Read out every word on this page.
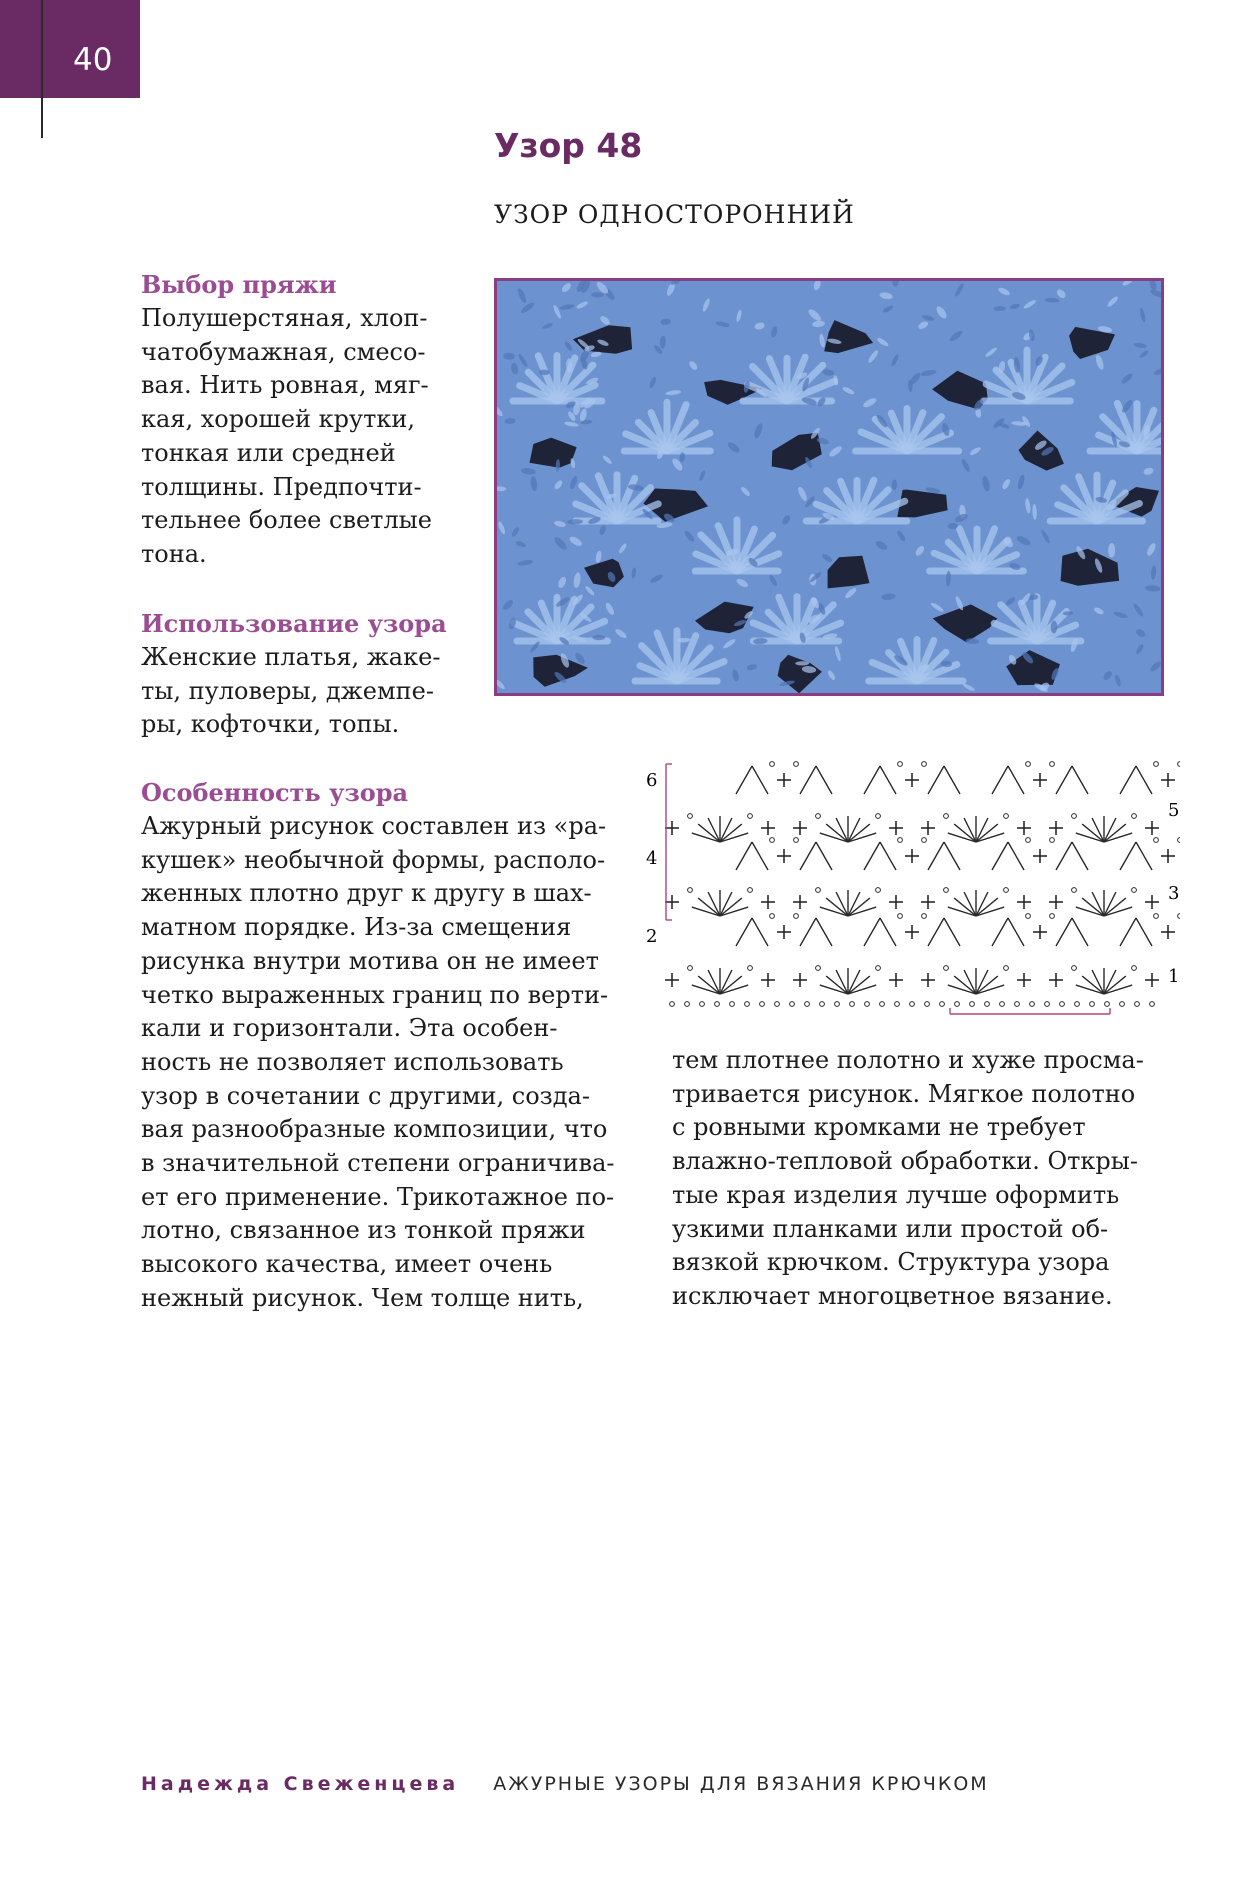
40
Узор 48
УЗОР ОДНОСТОРОННИЙ
Выбор пряжи
Полушерстяная, хлоп-
чатобумажная, смесо-
вая. Нить ровная, мяг-
кая, хорошей крутки,
тонкая или средней
толщины. Предпочти-
тельнее более светлые
тона.
Использование узора
Женские платья, жаке-
ты, пуловеры, джемпе-
ры, кофточки, топы.
Особенность узора
Ажурный рисунок составлен из «ра-
кушек» необычной формы, располо-
женных плотно друг к другу в шах-
матном порядке. Из-за смещения
рисунка внутри мотива он не имеет
четко выраженных границ по верти-
кали и горизонтали. Эта особен-
ность не позволяет использовать
узор в сочетании с другими, созда-
вая разнообразные композиции, что
в значительной степени ограничива-
ет его применение. Трикотажное по-
лотно, связанное из тонкой пряжи
высокого качества, имеет очень
нежный рисунок. Чем толще нить,
тем плотнее полотно и хуже просма-
тривается рисунок. Мягкое полотно
с ровными кромками не требует
влажно-тепловой обработки. Откры-
тые края изделия лучше оформить
узкими планками или простой об-
вязкой крючком. Структура узора
исключает многоцветное вязание.
6
4
2
5
3
1
Надежда Свеженцева АЖУРНЫЕ УЗОРЫ ДЛЯ ВЯЗАНИЯ КРЮЧКОМ
